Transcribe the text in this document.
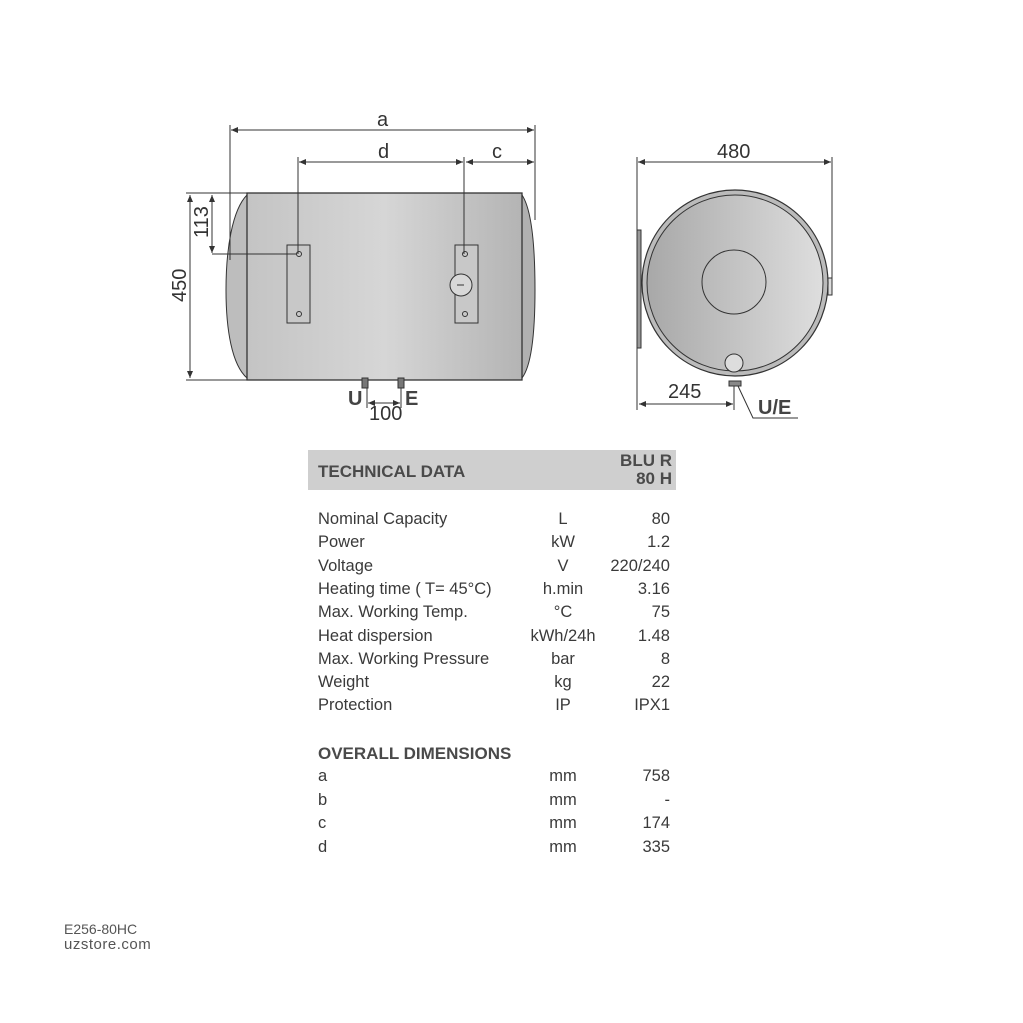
a
d	c
113
450
U E
100
480
245
U/E
TECHNICAL DATA
BLU R
80 H
Nominal Capacity	L	80
Power	kW	1.2
Voltage	V	220/240
Heating time ( T= 45°C)	h.min	3.16
Max. Working Temp.	°C	75
Heat dispersion	kWh/24h	1.48
Max. Working Pressure	bar	8
Weight	kg	22
Protection	IP	IPX1
OVERALL DIMENSIONS
a	mm	758
b	mm	-
c	mm	174
d	mm	335
E256-80HC
uzstore.com
